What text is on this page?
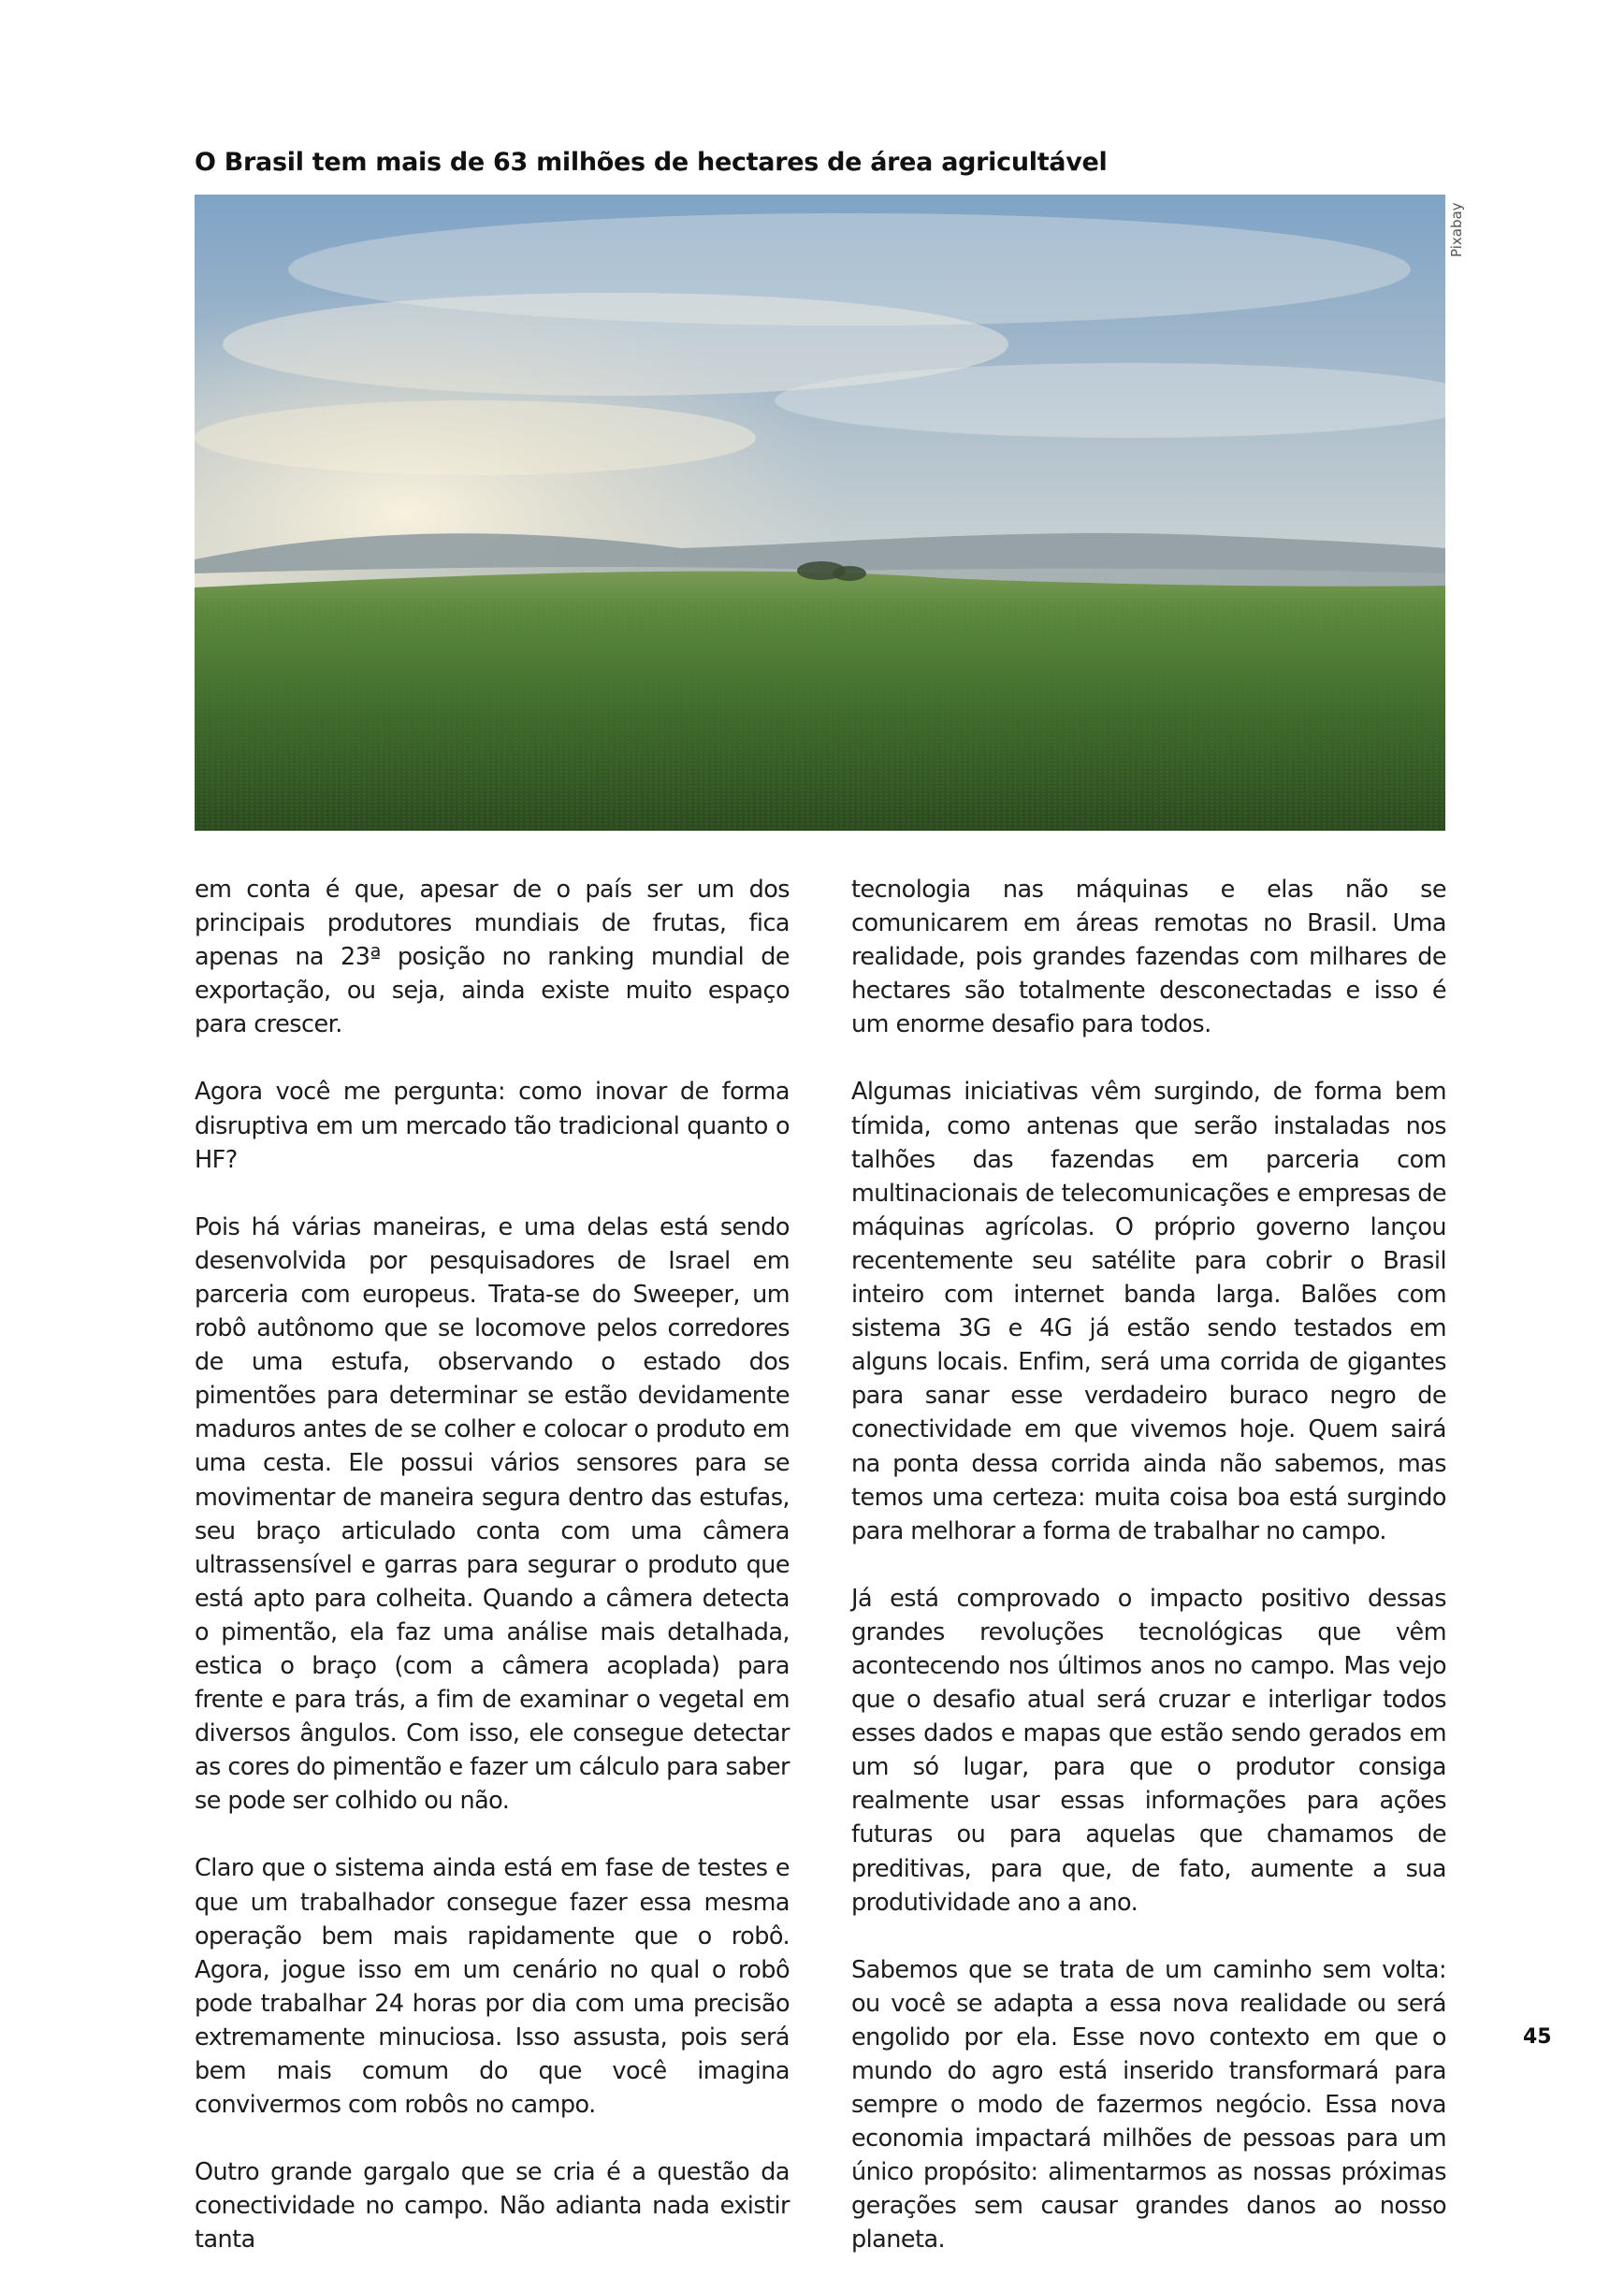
O Brasil tem mais de 63 milhões de hectares de área agricultável
Pixabay

em conta é que, apesar de o país ser um dos principais produtores mundiais de frutas, fica apenas na 23ª posição no ranking mundial de exportação, ou seja, ainda existe muito espaço para crescer.

Agora você me pergunta: como inovar de forma disruptiva em um mercado tão tradicional quanto o HF?

Pois há várias maneiras, e uma delas está sendo desenvolvida por pesquisadores de Israel em parceria com europeus. Trata-se do Sweeper, um robô autônomo que se locomove pelos corredores de uma estufa, observando o estado dos pimentões para determinar se estão devidamente maduros antes de se colher e colocar o produto em uma cesta. Ele possui vários sensores para se movimentar de maneira segura dentro das estufas, seu braço articulado conta com uma câmera ultrassensível e garras para segurar o produto que está apto para colheita. Quando a câmera detecta o pimentão, ela faz uma análise mais detalhada, estica o braço (com a câmera acoplada) para frente e para trás, a fim de examinar o vegetal em diversos ângulos. Com isso, ele consegue detectar as cores do pimentão e fazer um cálculo para saber se pode ser colhido ou não.

Claro que o sistema ainda está em fase de testes e que um trabalhador consegue fazer essa mesma operação bem mais rapidamente que o robô. Agora, jogue isso em um cenário no qual o robô pode trabalhar 24 horas por dia com uma precisão extremamente minuciosa. Isso assusta, pois será bem mais comum do que você imagina convivermos com robôs no campo.

Outro grande gargalo que se cria é a questão da conectividade no campo. Não adianta nada existir tanta

tecnologia nas máquinas e elas não se comunicarem em áreas remotas no Brasil. Uma realidade, pois grandes fazendas com milhares de hectares são totalmente desconectadas e isso é um enorme desafio para todos.

Algumas iniciativas vêm surgindo, de forma bem tímida, como antenas que serão instaladas nos talhões das fazendas em parceria com multinacionais de telecomunicações e empresas de máquinas agrícolas. O próprio governo lançou recentemente seu satélite para cobrir o Brasil inteiro com internet banda larga. Balões com sistema 3G e 4G já estão sendo testados em alguns locais. Enfim, será uma corrida de gigantes para sanar esse verdadeiro buraco negro de conectividade em que vivemos hoje. Quem sairá na ponta dessa corrida ainda não sabemos, mas temos uma certeza: muita coisa boa está surgindo para melhorar a forma de trabalhar no campo.

Já está comprovado o impacto positivo dessas grandes revoluções tecnológicas que vêm acontecendo nos últimos anos no campo. Mas vejo que o desafio atual será cruzar e interligar todos esses dados e mapas que estão sendo gerados em um só lugar, para que o produtor consiga realmente usar essas informações para ações futuras ou para aquelas que chamamos de preditivas, para que, de fato, aumente a sua produtividade ano a ano.

Sabemos que se trata de um caminho sem volta: ou você se adapta a essa nova realidade ou será engolido por ela. Esse novo contexto em que o mundo do agro está inserido transformará para sempre o modo de fazermos negócio. Essa nova economia impactará milhões de pessoas para um único propósito: alimentarmos as nossas próximas gerações sem causar grandes danos ao nosso planeta.

45
